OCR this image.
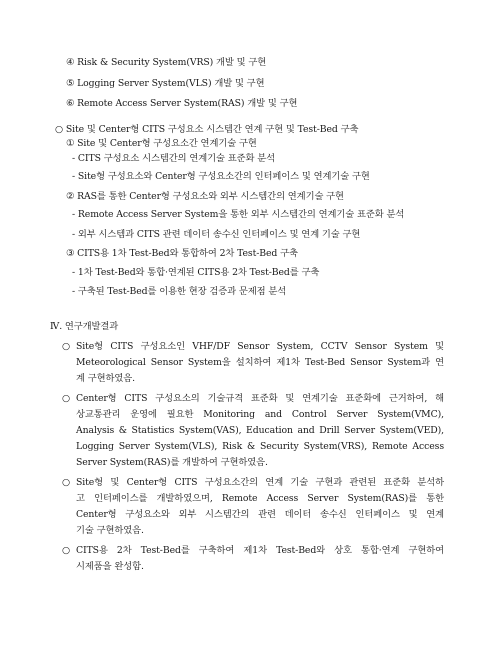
④ Risk & Security System(VRS) 개발 및 구현
⑤ Logging Server System(VLS) 개발 및 구현
⑥ Remote Access Server System(RAS) 개발 및 구현
○ Site 및 Center형 CITS 구성요소 시스템간 연계 구현 및 Test-Bed 구축
① Site 및 Center형 구성요소간 연계기술 구현
- CITS 구성요소 시스템간의 연계기술 표준화 분석
- Site형 구성요소와 Center형 구성요소간의 인터페이스 및 연계기술 구현
② RAS를 통한 Center형 구성요소와 외부 시스템간의 연계기술 구현
- Remote Access Server System을 통한 외부 시스템간의 연계기술 표준화 분석
- 외부 시스템과 CITS 관련 데이터 송수신 인터페이스 및 연계 기술 구현
③ CITS용 1차 Test-Bed와 통합하여 2차 Test-Bed 구축
- 1차 Test-Bed와 통합·연계된 CITS용 2차 Test-Bed를 구축
- 구축된 Test-Bed를 이용한 현장 검증과 문제점 분석
Ⅳ. 연구개발결과
○ Site형 CITS 구성요소인 VHF/DF Sensor System, CCTV Sensor System 및
Meteorological Sensor System을 설치하여 제1차 Test-Bed Sensor System과 연
계 구현하였음.
○ Center형 CITS 구성요소의 기술규격 표준화 및 연계기술 표준화에 근거하여, 해
상교통관리 운영에 필요한 Monitoring and Control Server System(VMC),
Analysis & Statistics System(VAS), Education and Drill Server System(VED),
Logging Server System(VLS), Risk & Security System(VRS), Remote Access
Server System(RAS)를 개발하여 구현하였음.
○ Site형 및 Center형 CITS 구성요소간의 연계 기술 구현과 관련된 표준화 분석하
고 인터페이스를 개발하였으며, Remote Access Server System(RAS)를 통한
Center형 구성요소와 외부 시스템간의 관련 데이터 송수신 인터페이스 및 연계
기술 구현하였음.
○ CITS용 2차 Test-Bed를 구축하여 제1차 Test-Bed와 상호 통합·연계 구현하여
시제품을 완성함.
